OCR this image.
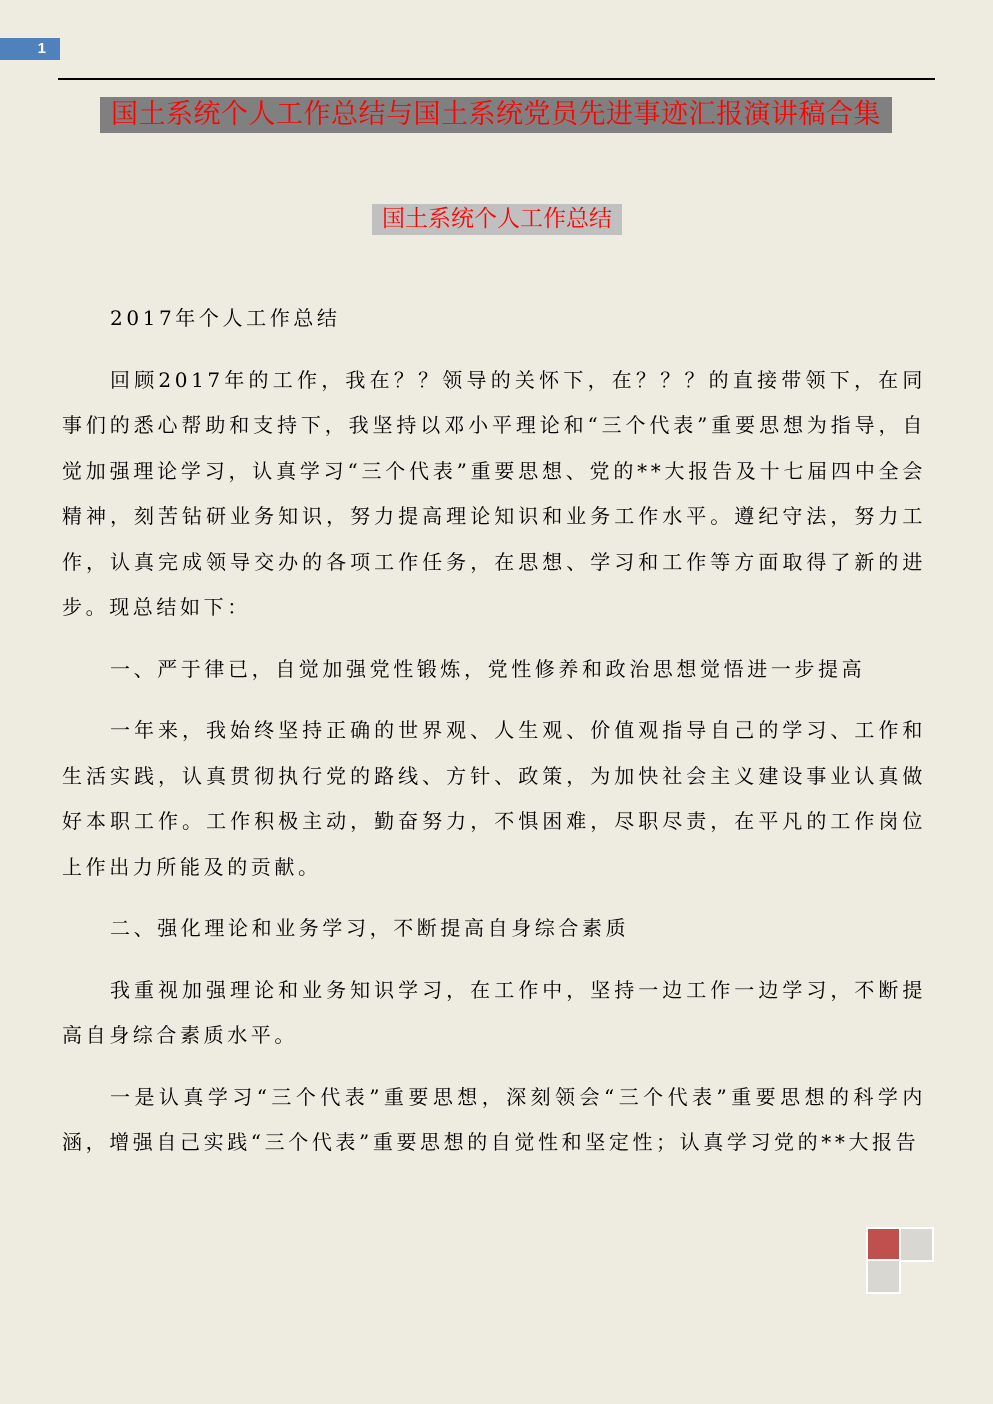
1
国土系统个人工作总结与国土系统党员先进事迹汇报演讲稿合集
国土系统个人工作总结

2017年个人工作总结

回顾2017年的工作，我在？？领导的关怀下，在？？？的直接带领下，在同事们的悉心帮助和支持下，我坚持以邓小平理论和“三个代表”重要思想为指导，自觉加强理论学习，认真学习“三个代表”重要思想、党的**大报告及十七届四中全会精神，刻苦钻研业务知识，努力提高理论知识和业务工作水平。遵纪守法，努力工作，认真完成领导交办的各项工作任务，在思想、学习和工作等方面取得了新的进步。现总结如下：

一、严于律已，自觉加强党性锻炼，党性修养和政治思想觉悟进一步提高

一年来，我始终坚持正确的世界观、人生观、价值观指导自己的学习、工作和生活实践，认真贯彻执行党的路线、方针、政策，为加快社会主义建设事业认真做好本职工作。工作积极主动，勤奋努力，不惧困难，尽职尽责，在平凡的工作岗位上作出力所能及的贡献。

二、强化理论和业务学习，不断提高自身综合素质

我重视加强理论和业务知识学习，在工作中，坚持一边工作一边学习，不断提高自身综合素质水平。

一是认真学习“三个代表”重要思想，深刻领会“三个代表”重要思想的科学内涵，增强自己实践“三个代表”重要思想的自觉性和坚定性；认真学习党的**大报告
